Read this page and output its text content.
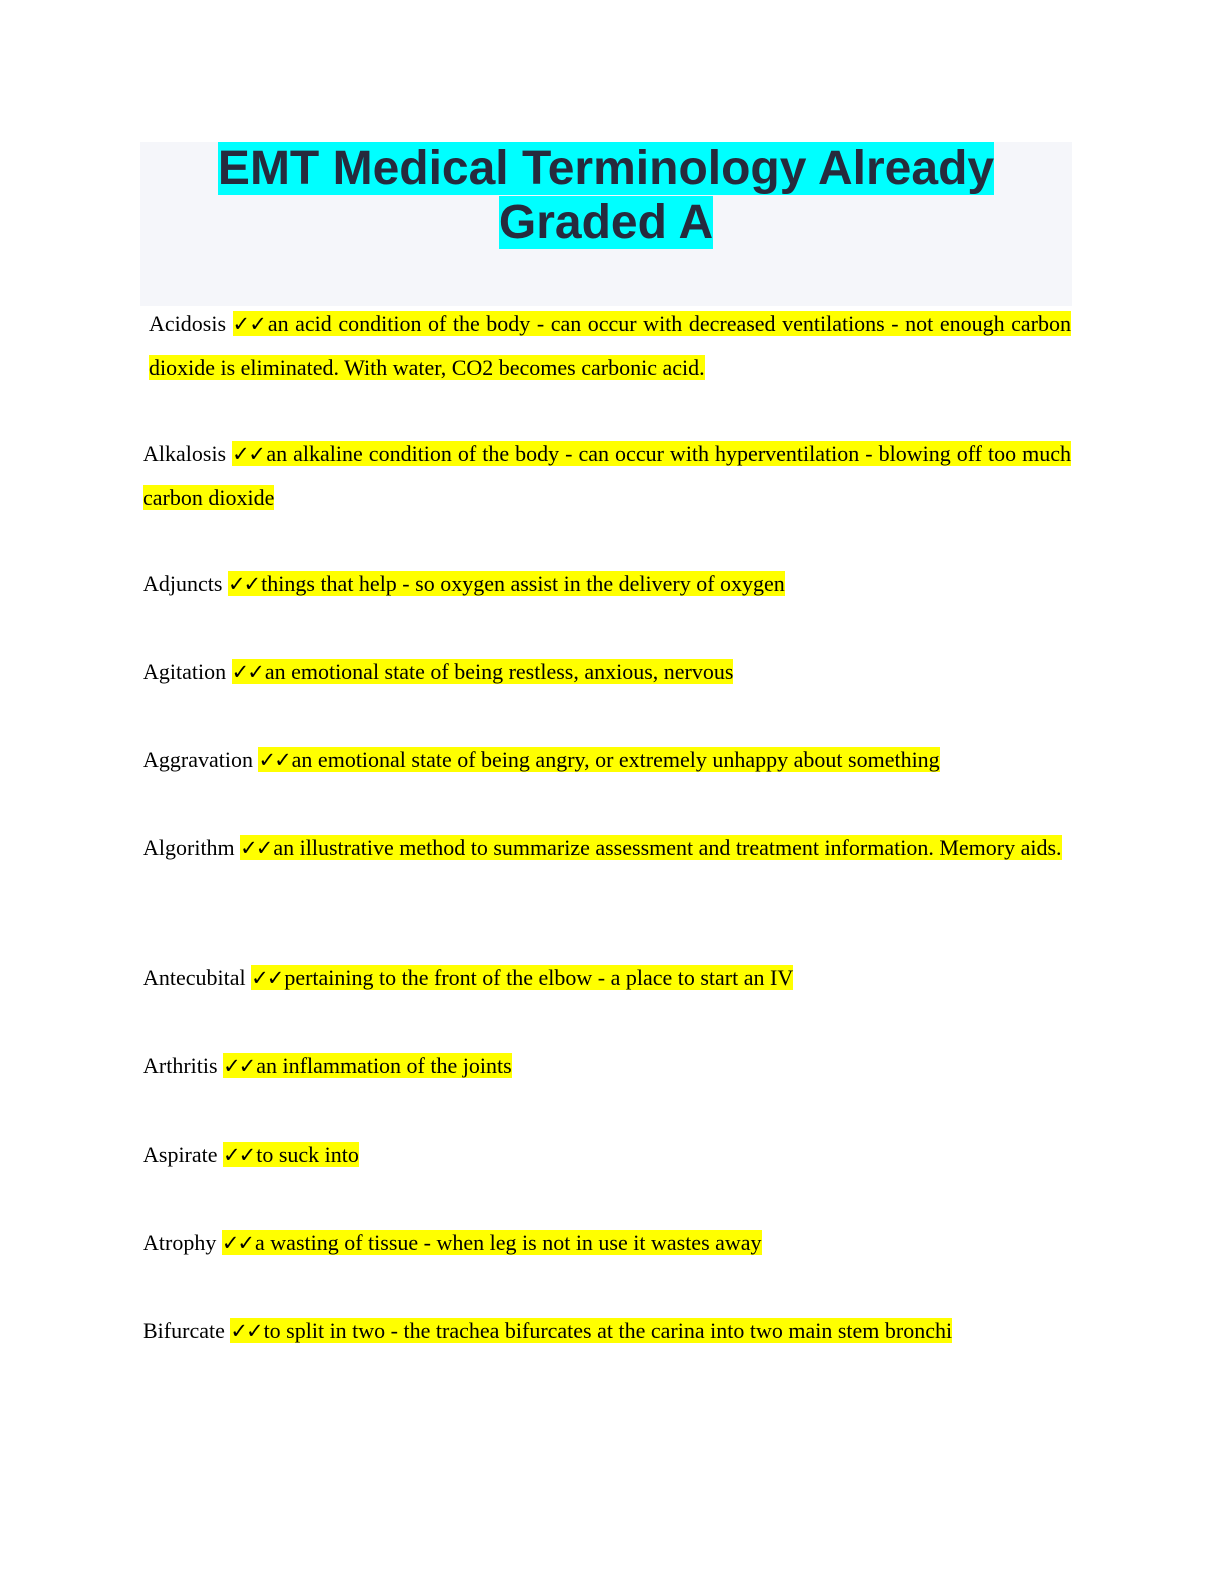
EMT Medical Terminology Already
Graded A
Acidosis ✓✓an acid condition of the body - can occur with decreased ventilations - not enough carbon dioxide is eliminated. With water, CO2 becomes carbonic acid.
Alkalosis ✓✓an alkaline condition of the body - can occur with hyperventilation - blowing off too much carbon dioxide
Adjuncts ✓✓things that help - so oxygen assist in the delivery of oxygen
Agitation ✓✓an emotional state of being restless, anxious, nervous
Aggravation ✓✓an emotional state of being angry, or extremely unhappy about something
Algorithm ✓✓an illustrative method to summarize assessment and treatment information. Memory aids.
Antecubital ✓✓pertaining to the front of the elbow - a place to start an IV
Arthritis ✓✓an inflammation of the joints
Aspirate ✓✓to suck into
Atrophy ✓✓a wasting of tissue - when leg is not in use it wastes away
Bifurcate ✓✓to split in two - the trachea bifurcates at the carina into two main stem bronchi
